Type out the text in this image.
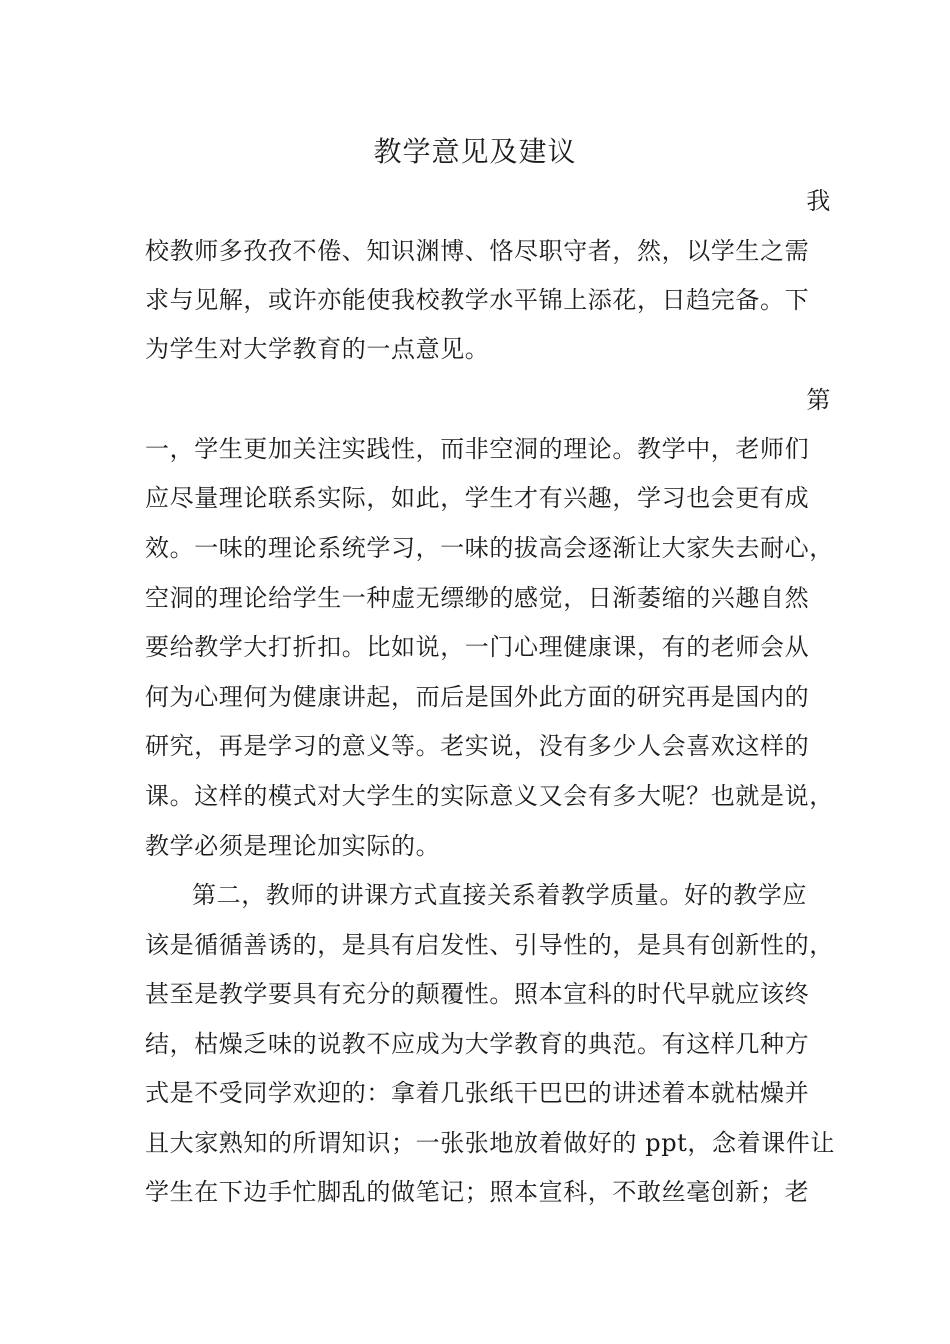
教学意见及建议
我
校教师多孜孜不倦、知识渊博、恪尽职守者，然，以学生之需
求与见解，或许亦能使我校教学水平锦上添花，日趋完备。下
为学生对大学教育的一点意见。
第
一，学生更加关注实践性，而非空洞的理论。教学中，老师们
应尽量理论联系实际，如此，学生才有兴趣，学习也会更有成
效。一味的理论系统学习，一味的拔高会逐渐让大家失去耐心，
空洞的理论给学生一种虚无缥缈的感觉，日渐萎缩的兴趣自然
要给教学大打折扣。比如说，一门心理健康课，有的老师会从
何为心理何为健康讲起，而后是国外此方面的研究再是国内的
研究，再是学习的意义等。老实说，没有多少人会喜欢这样的
课。这样的模式对大学生的实际意义又会有多大呢？也就是说，
教学必须是理论加实际的。
第二，教师的讲课方式直接关系着教学质量。好的教学应
该是循循善诱的，是具有启发性、引导性的，是具有创新性的，
甚至是教学要具有充分的颠覆性。照本宣科的时代早就应该终
结，枯燥乏味的说教不应成为大学教育的典范。有这样几种方
式是不受同学欢迎的：拿着几张纸干巴巴的讲述着本就枯燥并
且大家熟知的所谓知识；一张张地放着做好的 ppt，念着课件让
学生在下边手忙脚乱的做笔记；照本宣科，不敢丝毫创新；老
